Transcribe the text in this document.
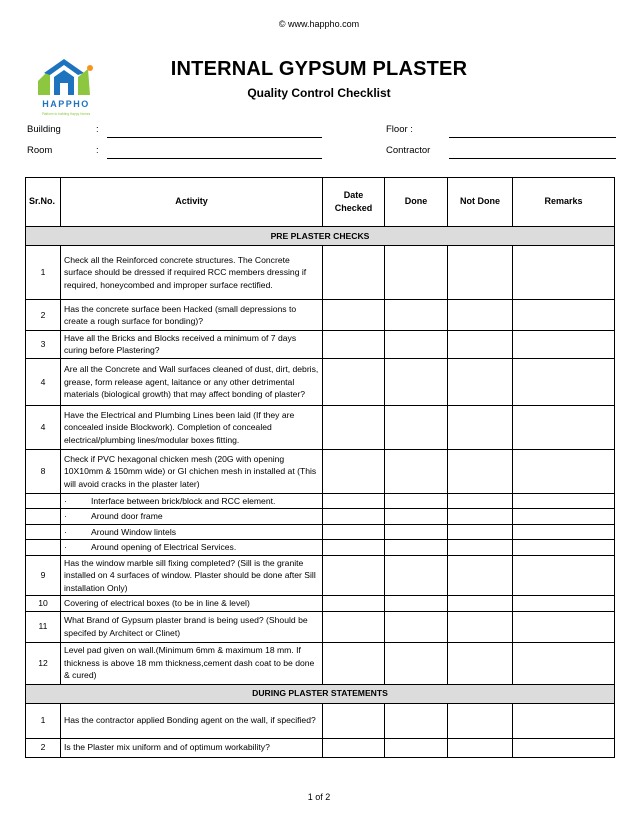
© www.happho.com
HAPPHO
Platform to building Happy Homes
INTERNAL GYPSUM PLASTER
Quality Control Checklist
Building	:	Floor :
Room	:	Contractor
Sr.No.	Activity	Date Checked	Done	Not Done	Remarks
PRE PLASTER CHECKS					
1	Check all the Reinforced concrete structures. The Concrete surface should be dressed if required RCC members dressing if required, honeycombed and improper surface rectified.				
2	Has the concrete surface been Hacked (small depressions to create a rough surface for bonding)?				
3	Have all the Bricks and Blocks received a minimum of 7 days curing before Plastering?				
4	Are all the Concrete and Wall surfaces cleaned of dust, dirt, debris, grease, form release agent, laitance or any other detrimental materials (biological growth) that may affect bonding of plaster?				
4	Have the Electrical and Plumbing Lines been laid (If they are concealed inside Blockwork). Completion of concealed electrical/plumbing lines/modular boxes fitting.				
8	Check if PVC hexagonal chicken mesh (20G with opening 10X10mm & 150mm wide) or GI chichen mesh in installed at (This will avoid cracks in the plaster later)				
	· Interface between brick/block and RCC element.				
	· Around door frame				
	· Around Window lintels				
	· Around opening of Electrical Services.				
9	Has the window marble sill fixing completed? (Sill is the granite installed on 4 surfaces of window. Plaster should be done after Sill installation Only)				
10	Covering of electrical boxes (to be in line & level)				
11	What Brand of Gypsum plaster brand is being used? (Should be specifed by Architect or Clinet)				
12	Level pad given on wall.(Minimum 6mm & maximum 18 mm. If thickness is above 18 mm thickness,cement dash coat to be done & cured)				
DURING PLASTER STATEMENTS					
1	Has the contractor applied Bonding agent on the wall, if specified?				
2	Is the Plaster mix uniform and of optimum workability?				
1 of 2
